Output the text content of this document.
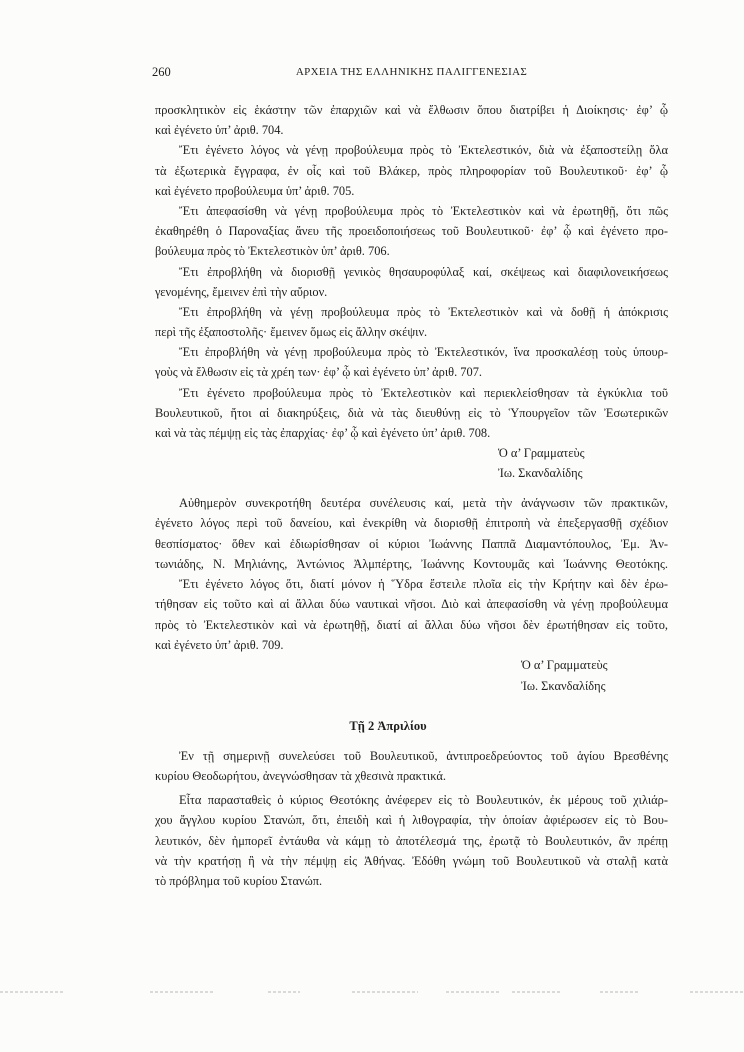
260	ΑΡΧΕΙΑ ΤΗΣ ΕΛΛΗΝΙΚΗΣ ΠΑΛΙΓΓΕΝΕΣΙΑΣ
προσκλητικὸν εἰς ἑκάστην τῶν ἐπαρχιῶν καὶ νὰ ἔλθωσιν ὅπου διατρίβει ἡ Διοίκησις· ἐφ’ ᾧ
καὶ ἐγένετο ὑπ’ ἀριθ. 704.
Ἔτι ἐγένετο λόγος νὰ γένῃ προβούλευμα πρὸς τὸ Ἐκτελεστικόν, διὰ νὰ ἐξαποστείλῃ ὅλα
τὰ ἐξωτερικὰ ἔγγραφα, ἐν οἷς καὶ τοῦ Βλάκερ, πρὸς πληροφορίαν τοῦ Βουλευτικοῦ· ἐφ’ ᾧ
καὶ ἐγένετο προβούλευμα ὑπ’ ἀριθ. 705.
Ἔτι ἀπεφασίσθη νὰ γένῃ προβούλευμα πρὸς τὸ Ἐκτελεστικὸν καὶ νὰ ἐρωτηθῇ, ὅτι πῶς
ἐκαθηρέθη ὁ Παροναξίας ἄνευ τῆς προειδοποιήσεως τοῦ Βουλευτικοῦ· ἐφ’ ᾧ καὶ ἐγένετο προ-
βούλευμα πρὸς τὸ Ἐκτελεστικὸν ὑπ’ ἀριθ. 706.
Ἔτι ἐπροβλήθη νὰ διορισθῇ γενικὸς θησαυροφύλαξ καί, σκέψεως καὶ διαφιλονεικήσεως
γενομένης, ἔμεινεν ἐπὶ τὴν αὔριον.
Ἔτι ἐπροβλήθη νὰ γένῃ προβούλευμα πρὸς τὸ Ἐκτελεστικὸν καὶ νὰ δοθῇ ἡ ἀπόκρισις
περὶ τῆς ἐξαποστολῆς· ἔμεινεν ὅμως εἰς ἄλλην σκέψιν.
Ἔτι ἐπροβλήθη νὰ γένῃ προβούλευμα πρὸς τὸ Ἐκτελεστικόν, ἵνα προσκαλέσῃ τοὺς ὑπουρ-
γοὺς νὰ ἔλθωσιν εἰς τὰ χρέη των· ἐφ’ ᾧ καὶ ἐγένετο ὑπ’ ἀριθ. 707.
Ἔτι ἐγένετο προβούλευμα πρὸς τὸ Ἐκτελεστικὸν καὶ περιεκλείσθησαν τὰ ἐγκύκλια τοῦ
Βουλευτικοῦ, ἤτοι αἱ διακηρύξεις, διὰ νὰ τὰς διευθύνῃ εἰς τὸ Ὑπουργεῖον τῶν Ἐσωτερικῶν
καὶ νὰ τὰς πέμψῃ εἰς τὰς ἐπαρχίας· ἐφ’ ᾧ καὶ ἐγένετο ὑπ’ ἀριθ. 708.
Ὁ α’ Γραμματεὺς
Ἰω. Σκανδαλίδης
Αὐθημερὸν συνεκροτήθη δευτέρα συνέλευσις καί, μετὰ τὴν ἀνάγνωσιν τῶν πρακτικῶν,
ἐγένετο λόγος περὶ τοῦ δανείου, καὶ ἐνεκρίθη νὰ διορισθῇ ἐπιτροπὴ νὰ ἐπεξεργασθῇ σχέδιον
θεσπίσματος· ὅθεν καὶ ἐδιωρίσθησαν οἱ κύριοι Ἰωάννης Παππᾶ Διαμαντόπουλος, Ἐμ. Ἀν-
τωνιάδης, Ν. Μηλιάνης, Ἀντώνιος Ἀλμπέρτης, Ἰωάννης Κοντουμᾶς καὶ Ἰωάννης Θεοτόκης.
Ἔτι ἐγένετο λόγος ὅτι, διατί μόνον ἡ Ὕδρα ἔστειλε πλοῖα εἰς τὴν Κρήτην καὶ δὲν ἐρω-
τήθησαν εἰς τοῦτο καὶ αἱ ἄλλαι δύω ναυτικαὶ νῆσοι. Διὸ καὶ ἀπεφασίσθη νὰ γένῃ προβούλευμα
πρὸς τὸ Ἐκτελεστικὸν καὶ νὰ ἐρωτηθῇ, διατί αἱ ἄλλαι δύω νῆσοι δὲν ἐρωτήθησαν εἰς τοῦτο,
καὶ ἐγένετο ὑπ’ ἀριθ. 709.
Ὁ α’ Γραμματεὺς
Ἰω. Σκανδαλίδης
Τῇ 2 Ἀπριλίου
Ἐν τῇ σημερινῇ συνελεύσει τοῦ Βουλευτικοῦ, ἀντιπροεδρεύοντος τοῦ ἁγίου Βρεσθένης
κυρίου Θεοδωρήτου, ἀνεγνώσθησαν τὰ χθεσινὰ πρακτικά.
Εἶτα παρασταθεὶς ὁ κύριος Θεοτόκης ἀνέφερεν εἰς τὸ Βουλευτικόν, ἐκ μέρους τοῦ χιλιάρ-
χου ἄγγλου κυρίου Στανώπ, ὅτι, ἐπειδὴ καὶ ἡ λιθογραφία, τὴν ὁποίαν ἀφιέρωσεν εἰς τὸ Βου-
λευτικόν, δὲν ἠμπορεῖ ἐντάυθα νὰ κάμῃ τὸ ἀποτέλεσμά της, ἐρωτᾷ τὸ Βουλευτικόν, ἂν πρέπῃ
νὰ τὴν κρατήσῃ ἢ νὰ τὴν πέμψῃ εἰς Ἀθήνας. Ἐδόθη γνώμη τοῦ Βουλευτικοῦ νὰ σταλῇ κατὰ
τὸ πρόβλημα τοῦ κυρίου Στανώπ.
